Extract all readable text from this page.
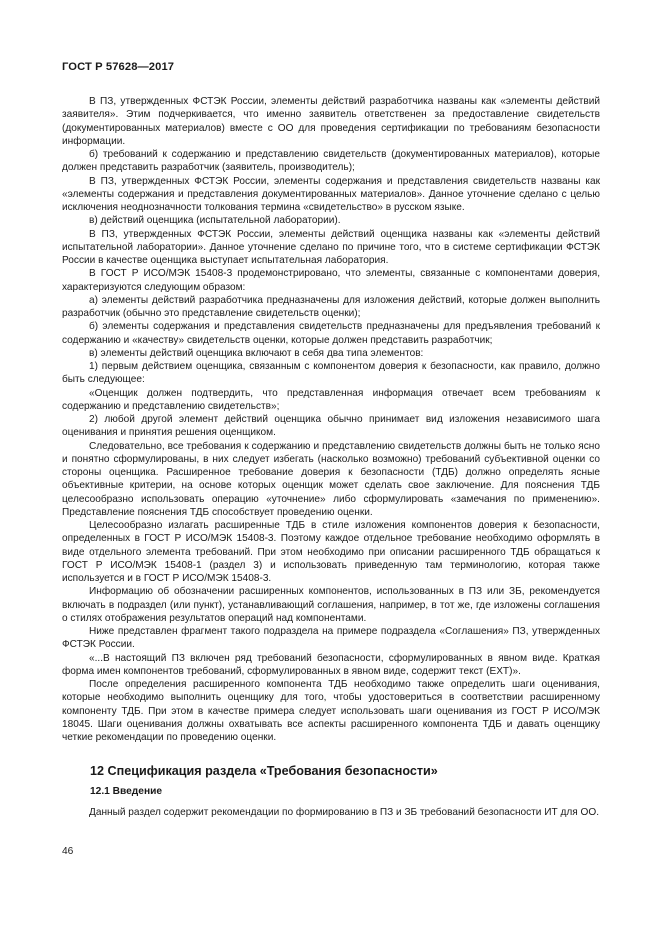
ГОСТ Р 57628—2017

В ПЗ, утвержденных ФСТЭК России, элементы действий разработчика названы как «элементы действий заявителя». Этим подчеркивается, что именно заявитель ответственен за предоставление свидетельств (документированных материалов) вместе с ОО для проведения сертификации по требованиям безопасности информации.

б) требований к содержанию и представлению свидетельств (документированных материалов), которые должен представить разработчик (заявитель, производитель);

В ПЗ, утвержденных ФСТЭК России, элементы содержания и представления свидетельств названы как «элементы содержания и представления документированных материалов». Данное уточнение сделано с целью исключения неоднозначности толкования термина «свидетельство» в русском языке.

в) действий оценщика (испытательной лаборатории).

В ПЗ, утвержденных ФСТЭК России, элементы действий оценщика названы как «элементы действий испытательной лаборатории». Данное уточнение сделано по причине того, что в системе сертификации ФСТЭК России в качестве оценщика выступает испытательная лаборатория.

В ГОСТ Р ИСО/МЭК 15408-3 продемонстрировано, что элементы, связанные с компонентами доверия, характеризуются следующим образом:

а) элементы действий разработчика предназначены для изложения действий, которые должен выполнить разработчик (обычно это представление свидетельств оценки);

б) элементы содержания и представления свидетельств предназначены для предъявления требований к содержанию и «качеству» свидетельств оценки, которые должен представить разработчик;

в) элементы действий оценщика включают в себя два типа элементов:

1) первым действием оценщика, связанным с компонентом доверия к безопасности, как правило, должно быть следующее:

«Оценщик должен подтвердить, что представленная информация отвечает всем требованиям к содержанию и представлению свидетельств»;

2) любой другой элемент действий оценщика обычно принимает вид изложения независимого шага оценивания и принятия решения оценщиком.

Следовательно, все требования к содержанию и представлению свидетельств должны быть не только ясно и понятно сформулированы, в них следует избегать (насколько возможно) требований субъективной оценки со стороны оценщика. Расширенное требование доверия к безопасности (ТДБ) должно определять ясные объективные критерии, на основе которых оценщик может сделать свое заключение. Для пояснения ТДБ целесообразно использовать операцию «уточнение» либо сформулировать «замечания по применению». Представление пояснения ТДБ способствует проведению оценки.

Целесообразно излагать расширенные ТДБ в стиле изложения компонентов доверия к безопасности, определенных в ГОСТ Р ИСО/МЭК 15408-3. Поэтому каждое отдельное требование необходимо оформлять в виде отдельного элемента требований. При этом необходимо при описании расширенного ТДБ обращаться к ГОСТ Р ИСО/МЭК 15408-1 (раздел 3) и использовать приведенную там терминологию, которая также используется и в ГОСТ Р ИСО/МЭК 15408-3.

Информацию об обозначении расширенных компонентов, использованных в ПЗ или ЗБ, рекомендуется включать в подраздел (или пункт), устанавливающий соглашения, например, в тот же, где изложены соглашения о стилях отображения результатов операций над компонентами.

Ниже представлен фрагмент такого подраздела на примере подраздела «Соглашения» ПЗ, утвержденных ФСТЭК России.

«...В настоящий ПЗ включен ряд требований безопасности, сформулированных в явном виде. Краткая форма имен компонентов требований, сформулированных в явном виде, содержит текст (EXT)».

После определения расширенного компонента ТДБ необходимо также определить шаги оценивания, которые необходимо выполнить оценщику для того, чтобы удостовериться в соответствии расширенному компоненту ТДБ. При этом в качестве примера следует использовать шаги оценивания из ГОСТ Р ИСО/МЭК 18045. Шаги оценивания должны охватывать все аспекты расширенного компонента ТДБ и давать оценщику четкие рекомендации по проведению оценки.

12 Спецификация раздела «Требования безопасности»
12.1 Введение

Данный раздел содержит рекомендации по формированию в ПЗ и ЗБ требований безопасности ИТ для ОО.

46
